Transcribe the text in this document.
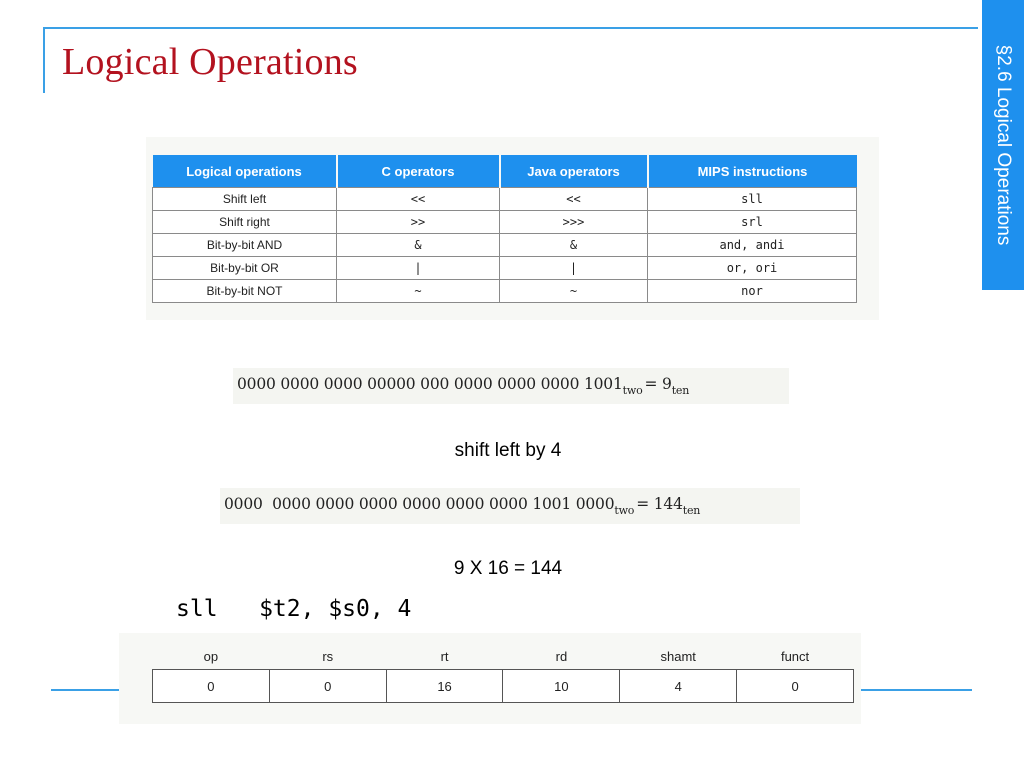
Logical Operations	§2.6 Logical Operations
Logical operations	C operators	Java operators	MIPS instructions
Shift left	<<	<<	sll
Shift right	>>	>>>	srl
Bit-by-bit AND	&	&	and, andi
Bit-by-bit OR	|	|	or, ori
Bit-by-bit NOT	~	~	nor
0000 0000 0000 00000 000 0000 0000 0000 $1001_{two} = 9_{ten}$
shift left by 4
0000  0000 0000 0000 0000 0000 0000 1001 $0000_{two} = 144_{ten}$
9 X 16 = 144
sll   $t2, $s0, 4
op	rs	rt	rd	shamt	funct
0	0	16	10	4	0
